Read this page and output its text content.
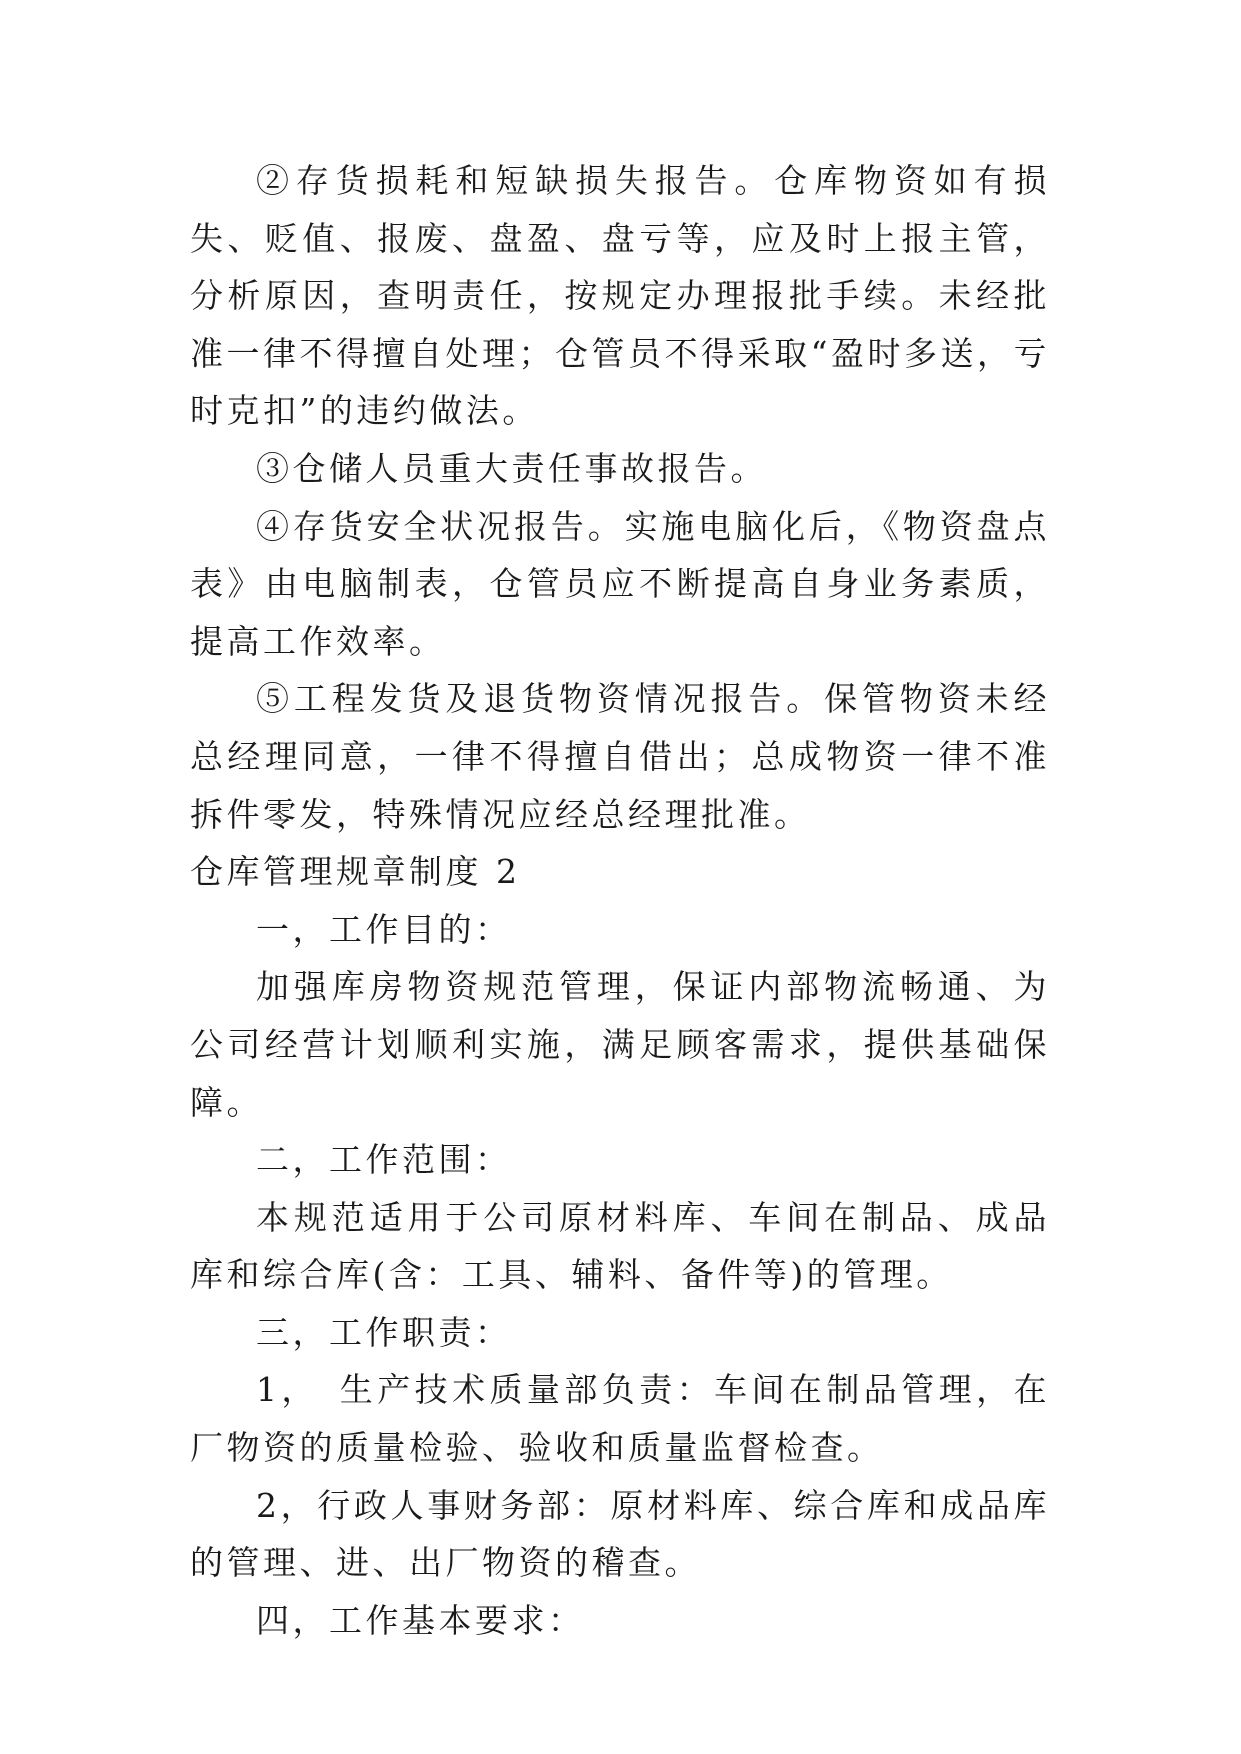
②存货损耗和短缺损失报告。仓库物资如有损失、贬值、报废、盘盈、盘亏等，应及时上报主管，分析原因，查明责任，按规定办理报批手续。未经批准一律不得擅自处理；仓管员不得采取“盈时多送，亏时克扣”的违约做法。

③仓储人员重大责任事故报告。

④存货安全状况报告。实施电脑化后，《物资盘点表》由电脑制表，仓管员应不断提高自身业务素质，提高工作效率。

⑤工程发货及退货物资情况报告。保管物资未经总经理同意，一律不得擅自借出；总成物资一律不准拆件零发，特殊情况应经总经理批准。

仓库管理规章制度 2

一，工作目的：

加强库房物资规范管理，保证内部物流畅通、为公司经营计划顺利实施，满足顾客需求，提供基础保障。

二，工作范围：

本规范适用于公司原材料库、车间在制品、成品库和综合库(含：工具、辅料、备件等)的管理。

三，工作职责：

1，　生产技术质量部负责：车间在制品管理，在厂物资的质量检验、验收和质量监督检查。

2，行政人事财务部：原材料库、综合库和成品库的管理、进、出厂物资的稽查。

四，工作基本要求：
